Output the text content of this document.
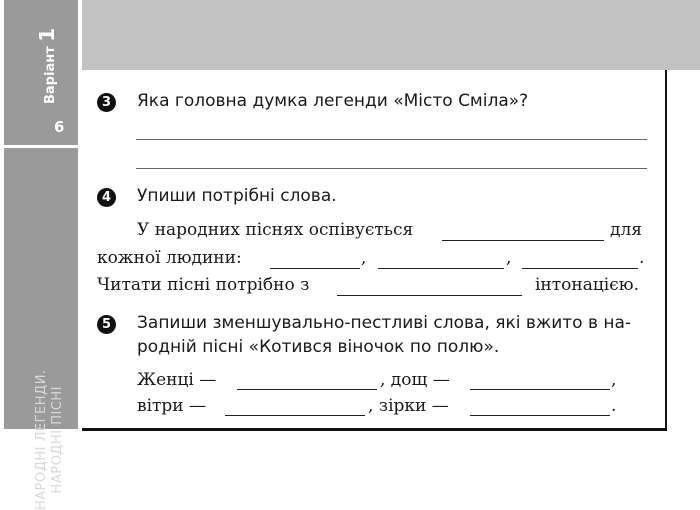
Варіант 1
6
НАРОДНІ ЛЕГЕНДИ. НАРОДНІ ПІСНІ
3 Яка головна думка легенди «Місто Сміла»?
4 Упиши потрібні слова.
У народних піснях оспівується	для
кожної людини:	,	,	.
Читати пісні потрібно з	інтонацією.
5 Запиши зменшувально-пестливі слова, які вжито в на-
родній пісні «Котився віночок по полю».
Женці —	, дощ —	,
вітри —	, зірки —	.
